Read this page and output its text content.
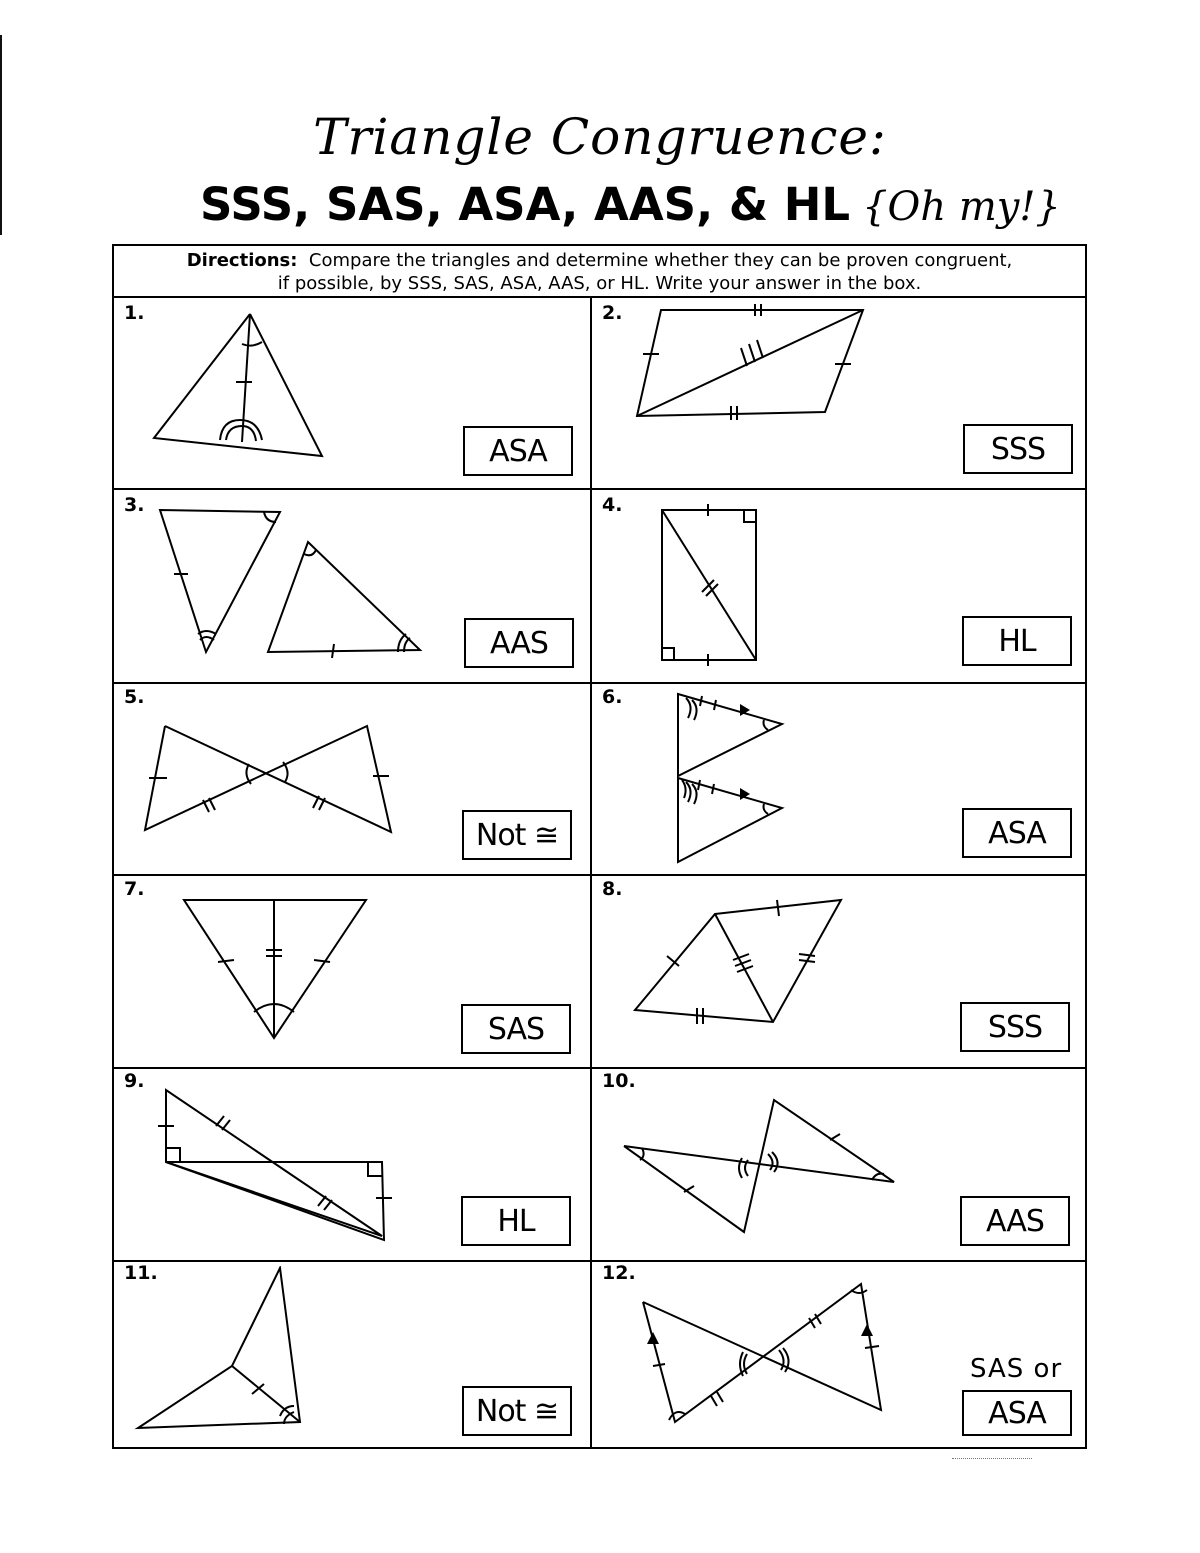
Triangle Congruence:
SSS, SAS, ASA, AAS, & HL {Oh my!}
Directions: Compare the triangles and determine whether they can be proven congruent,
if possible, by SSS, SAS, ASA, AAS, or HL. Write your answer in the box.
1.
ASA
2.
SSS
3.
AAS
4.
HL
5.
Not ≅
6.
ASA
7.
SAS
8.
SSS
9.
HL
10.
AAS
11.
Not ≅
12.
SAS or
ASA
